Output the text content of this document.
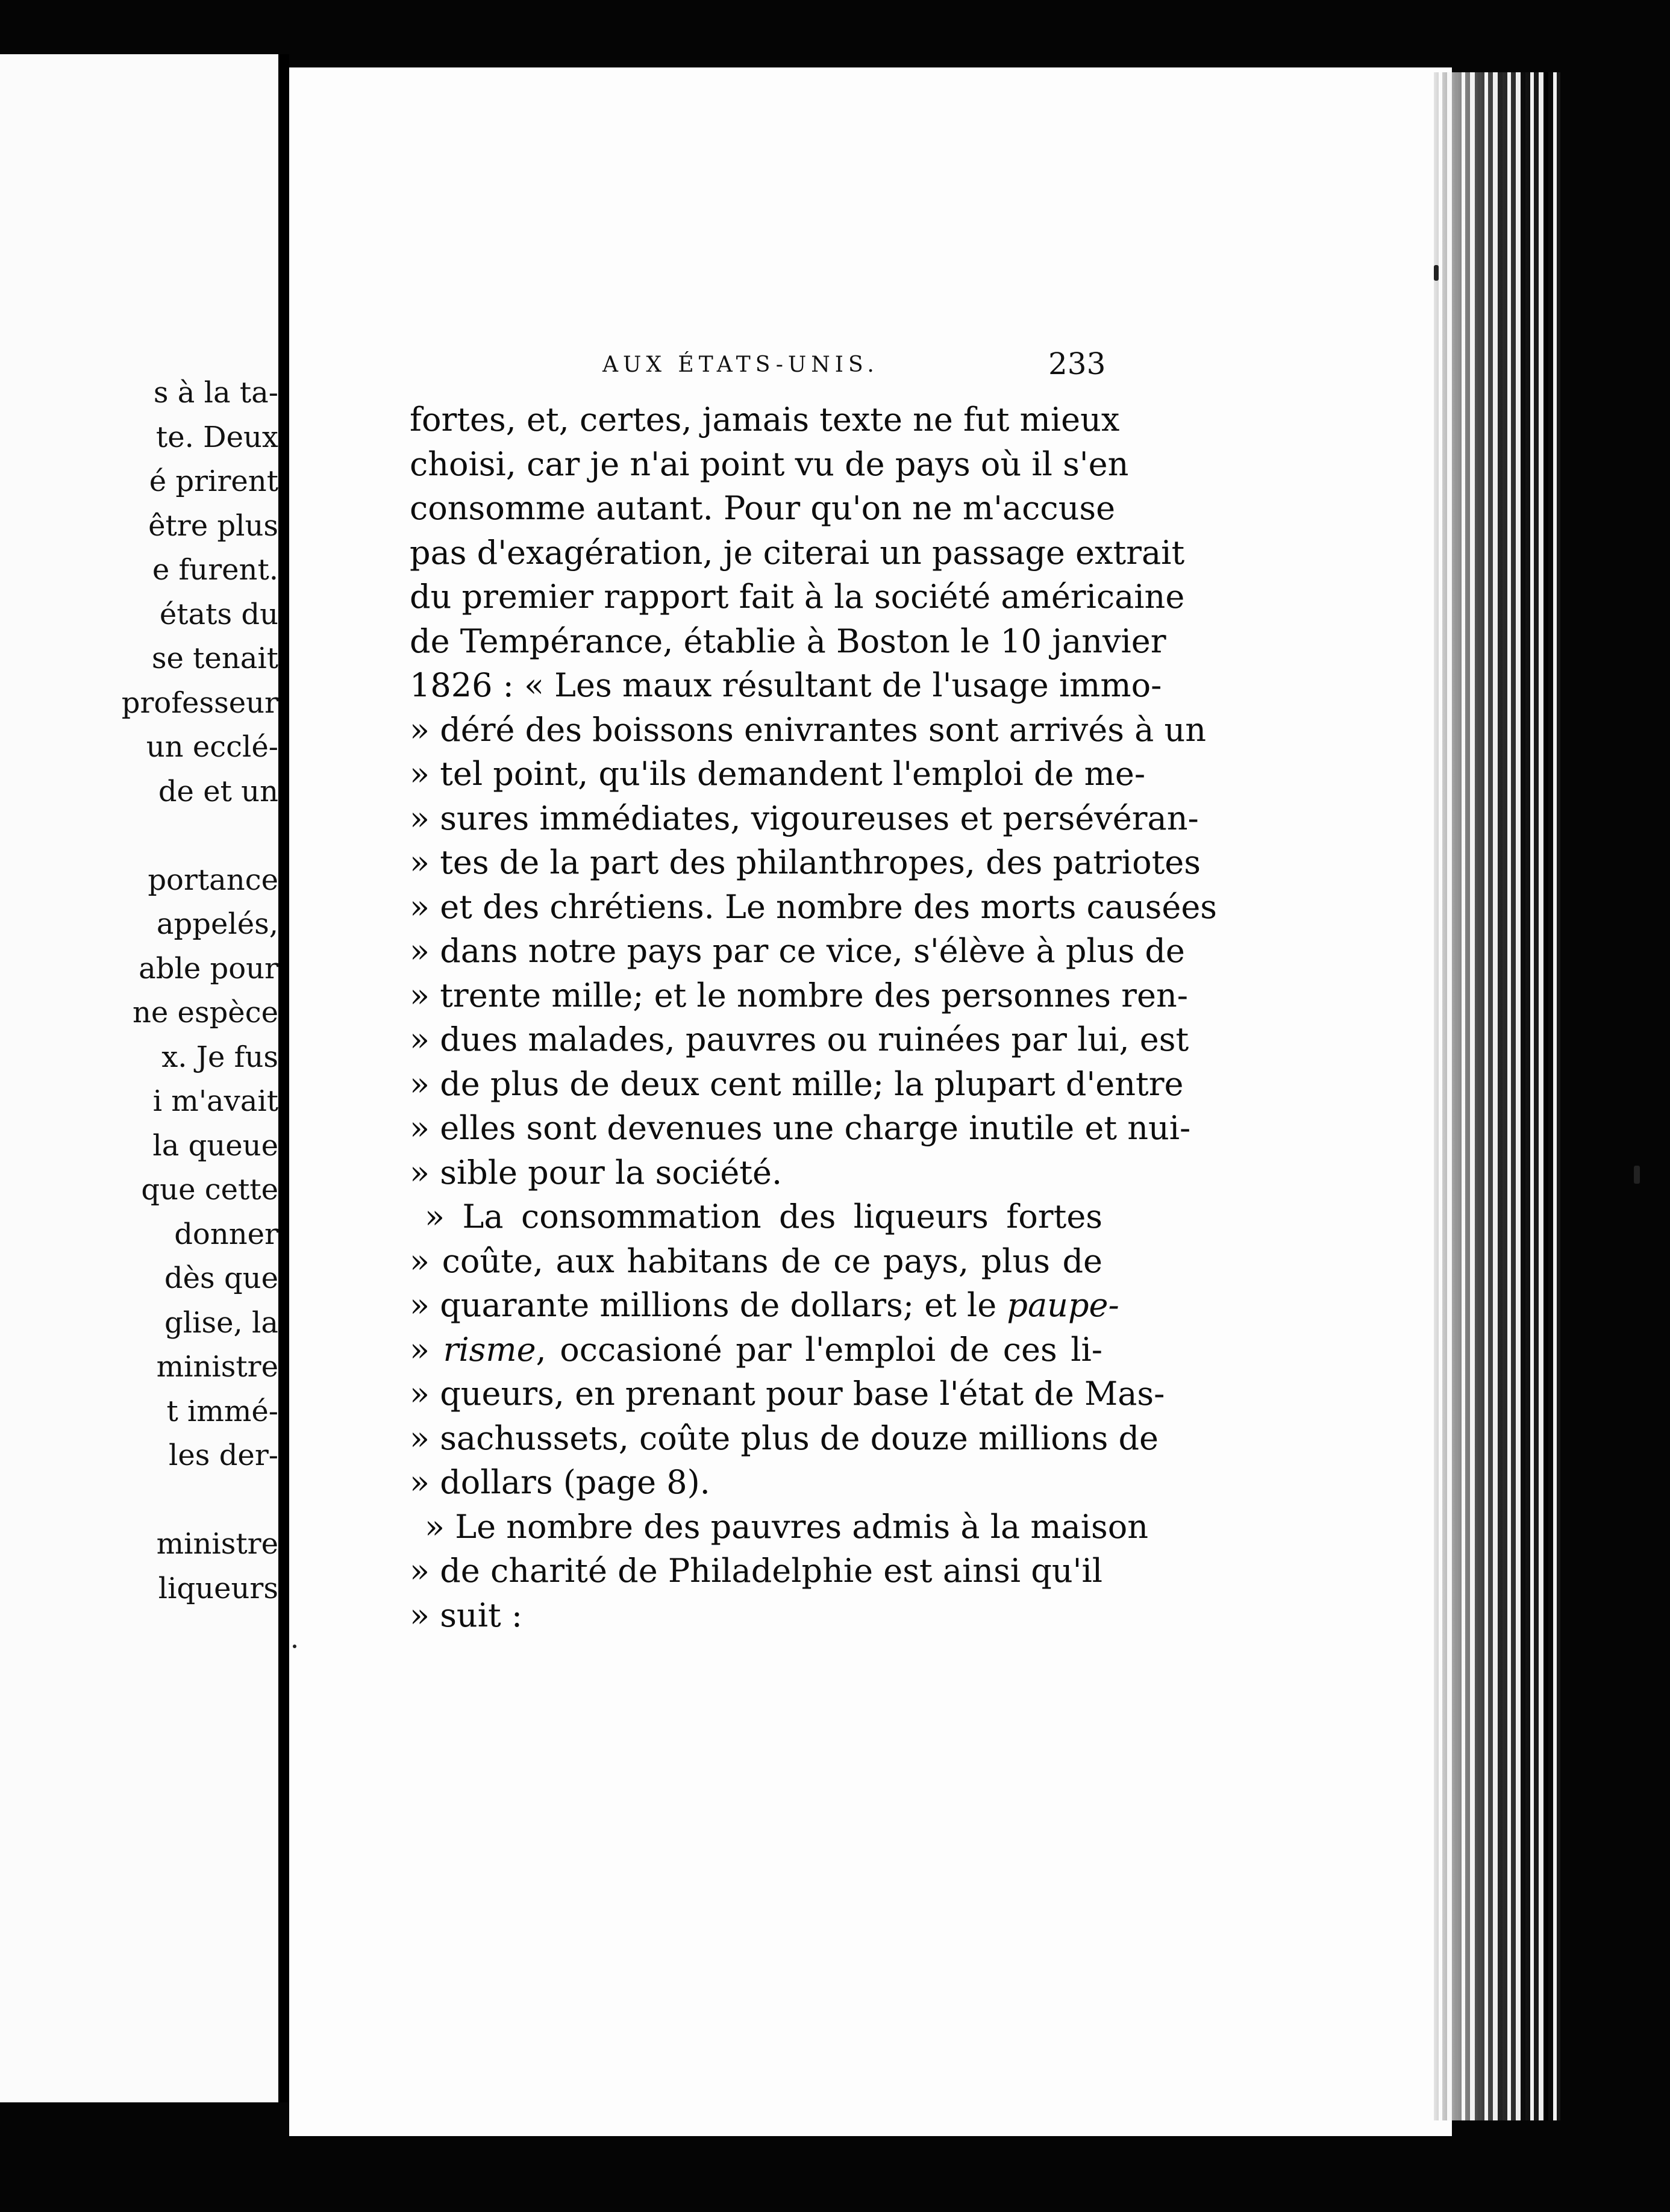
s à la ta-
te. Deux
é prirent
être plus
e furent.
états du
se tenait
professeur
un ecclé-
de et un
portance
appelés,
able pour
ne espèce
x. Je fus
i m'avait
la queue
que cette
donner
dès que
glise, la
ministre
t immé-
les der-
ministre
liqueurs
AUX ÉTATS-UNIS.	233
fortes, et, certes, jamais texte ne fut mieux
choisi, car je n'ai point vu de pays où il s'en
consomme autant. Pour qu'on ne m'accuse
pas d'exagération, je citerai un passage extrait
du premier rapport fait à la société américaine
de Tempérance, établie à Boston le 10 janvier
1826 : « Les maux résultant de l'usage immo-
» déré des boissons enivrantes sont arrivés à un
» tel point, qu'ils demandent l'emploi de me-
» sures immédiates, vigoureuses et persévéran-
» tes de la part des philanthropes, des patriotes
» et des chrétiens. Le nombre des morts causées
» dans notre pays par ce vice, s'élève à plus de
» trente mille; et le nombre des personnes ren-
» dues malades, pauvres ou ruinées par lui, est
» de plus de deux cent mille; la plupart d'entre
» elles sont devenues une charge inutile et nui-
» sible pour la société.
» La consommation des liqueurs fortes
» coûte, aux habitans de ce pays, plus de
» quarante millions de dollars; et le paupe-
» risme, occasioné par l'emploi de ces li-
» queurs, en prenant pour base l'état de Mas-
» sachussets, coûte plus de douze millions de
» dollars (page 8).
» Le nombre des pauvres admis à la maison
» de charité de Philadelphie est ainsi qu'il
» suit :
